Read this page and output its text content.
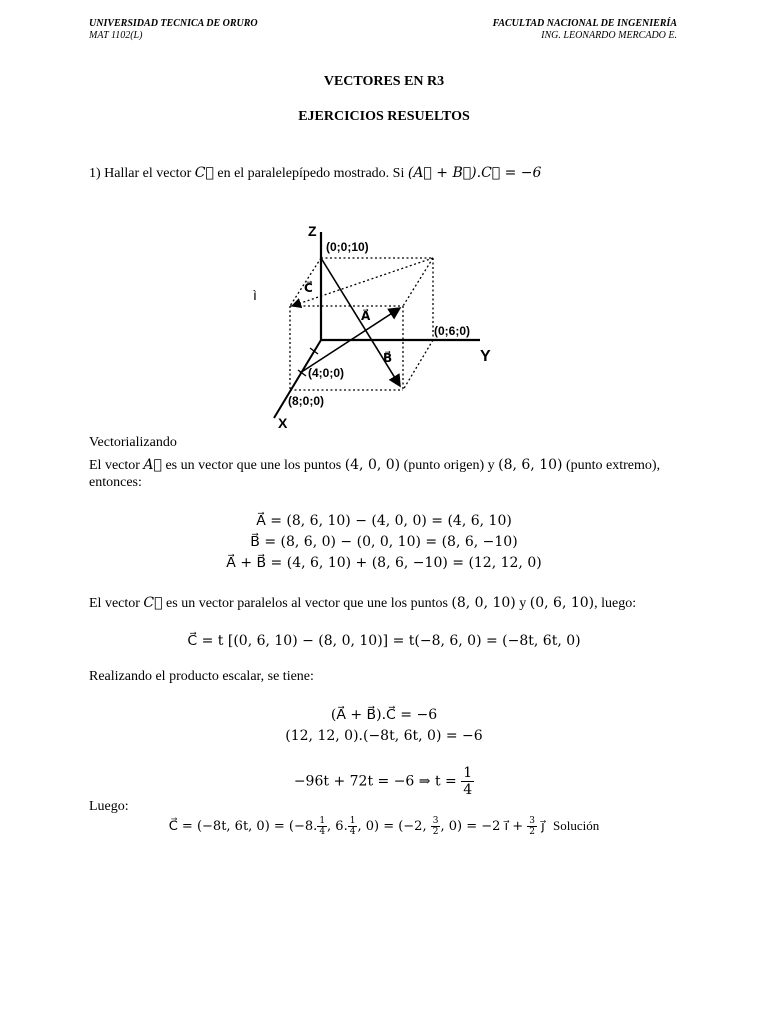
UNIVERSIDAD TECNICA DE ORURO
MAT 1102(L)
FACULTAD NACIONAL DE INGENIERÍA
ING. LEONARDO MERCADO E.
VECTORES EN R3
EJERCICIOS RESUELTOS
1) Hallar el vector C⃗ en el paralelepípedo mostrado. Si (A⃗ + B⃗).C⃗ = −6
Z
Y
X
(0;0;10)
(0;6;0)
(4;0;0)
(8;0;0)
A⃗
B⃗
C⃗
ì
Vectorializando
El vector A⃗ es un vector que une los puntos (4, 0, 0) (punto origen) y (8, 6, 10) (punto extremo),
entonces:
A⃗ = (8, 6, 10) − (4, 0, 0) = (4, 6, 10)
B⃗ = (8, 6, 0) − (0, 0, 10) = (8, 6, −10)
A⃗ + B⃗ = (4, 6, 10) + (8, 6, −10) = (12, 12, 0)
El vector C⃗ es un vector paralelos al vector que une los puntos (8, 0, 10) y (0, 6, 10), luego:
C⃗ = t [(0, 6, 10) − (8, 0, 10)] = t(−8, 6, 0) = (−8t, 6t, 0)
Realizando el producto escalar, se tiene:
(A⃗ + B⃗).C⃗ = −6
(12, 12, 0).(−8t, 6t, 0) = −6
−96t + 72t = −6 ⇒ $t = \frac{1}{4}$
Luego:
C⃗ = (−8t, 6t, 0) = (−8. $\frac{1}{4}$ , 6. $\frac{1}{4}$ , 0) = (−2, $\frac{3}{2}$ , 0) = −2 i⃗ + $\frac{3}{2}$ j⃗ Solución
